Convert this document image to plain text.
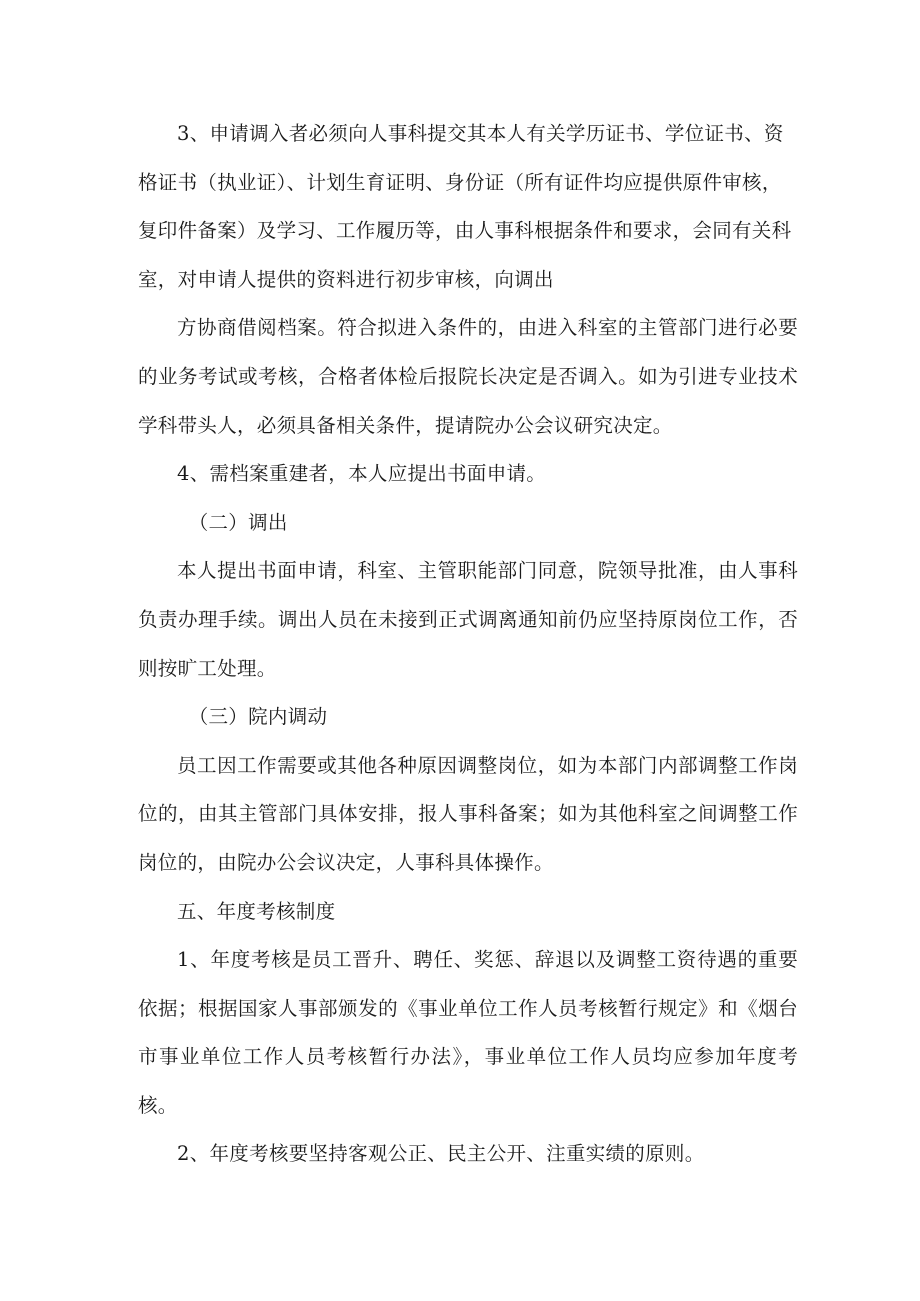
3、申请调入者必须向人事科提交其本人有关学历证书、学位证书、资格证书（执业证）、计划生育证明、身份证（所有证件均应提供原件审核，复印件备案）及学习、工作履历等，由人事科根据条件和要求，会同有关科室，对申请人提供的资料进行初步审核，向调出

方协商借阅档案。符合拟进入条件的，由进入科室的主管部门进行必要的业务考试或考核，合格者体检后报院长决定是否调入。如为引进专业技术学科带头人，必须具备相关条件，提请院办公会议研究决定。

4、需档案重建者，本人应提出书面申请。

（二）调出

本人提出书面申请，科室、主管职能部门同意，院领导批准，由人事科负责办理手续。调出人员在未接到正式调离通知前仍应坚持原岗位工作，否则按旷工处理。

（三）院内调动

员工因工作需要或其他各种原因调整岗位，如为本部门内部调整工作岗位的，由其主管部门具体安排，报人事科备案；如为其他科室之间调整工作岗位的，由院办公会议决定，人事科具体操作。

五、年度考核制度

1、年度考核是员工晋升、聘任、奖惩、辞退以及调整工资待遇的重要依据；根据国家人事部颁发的《事业单位工作人员考核暂行规定》和《烟台市事业单位工作人员考核暂行办法》，事业单位工作人员均应参加年度考核。

2、年度考核要坚持客观公正、民主公开、注重实绩的原则。
